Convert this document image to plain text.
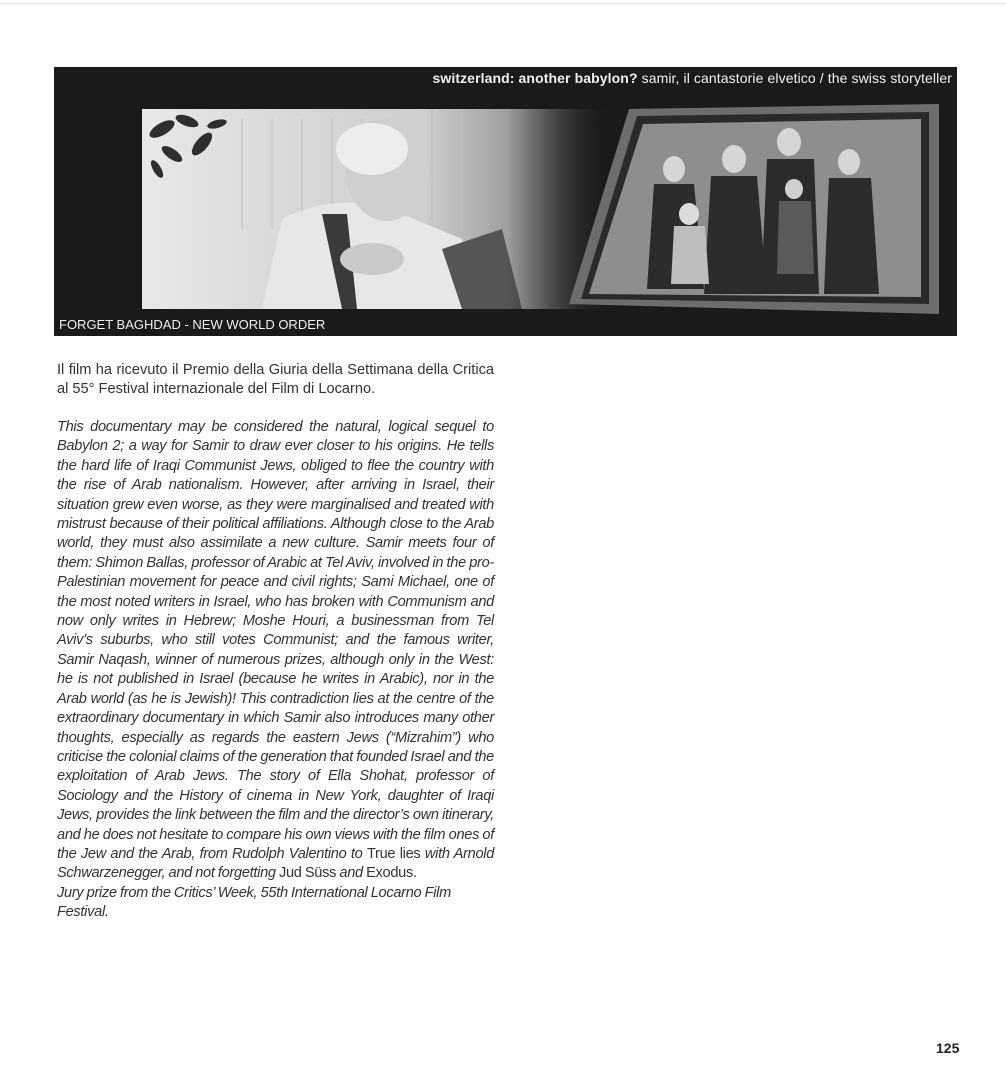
switzerland: another babylon? samir, il cantastorie elvetico / the swiss storyteller
FORGET BAGHDAD - NEW WORLD ORDER

Il film ha ricevuto il Premio della Giuria della Settimana della Critica al 55° Festival internazionale del Film di Locarno.

This documentary may be considered the natural, logical sequel to Babylon 2; a way for Samir to draw ever closer to his origins. He tells the hard life of Iraqi Communist Jews, obliged to flee the country with the rise of Arab nationalism. However, after arriving in Israel, their situation grew even worse, as they were marginalised and treated with mistrust because of their political affiliations. Although close to the Arab world, they must also assimilate a new culture. Samir meets four of them: Shimon Ballas, professor of Arabic at Tel Aviv, involved in the pro-Palestinian movement for peace and civil rights; Sami Michael, one of the most noted writers in Israel, who has broken with Communism and now only writes in Hebrew; Moshe Houri, a businessman from Tel Aviv’s suburbs, who still votes Communist; and the famous writer, Samir Naqash, winner of numerous prizes, although only in the West: he is not published in Israel (because he writes in Arabic), nor in the Arab world (as he is Jewish)! This contradiction lies at the centre of the extraordinary documentary in which Samir also introduces many other thoughts, especially as regards the eastern Jews (“Mizrahim”) who criticise the colonial claims of the generation that founded Israel and the exploitation of Arab Jews. The story of Ella Shohat, professor of Sociology and the History of cinema in New York, daughter of Iraqi Jews, provides the link between the film and the director’s own itinerary, and he does not hesitate to compare his own views with the film ones of the Jew and the Arab, from Rudolph Valentino to True lies with Arnold Schwarzenegger, and not forgetting Jud Süss and Exodus.
Jury prize from the Critics’ Week, 55th International Locarno Film Festival.

125
